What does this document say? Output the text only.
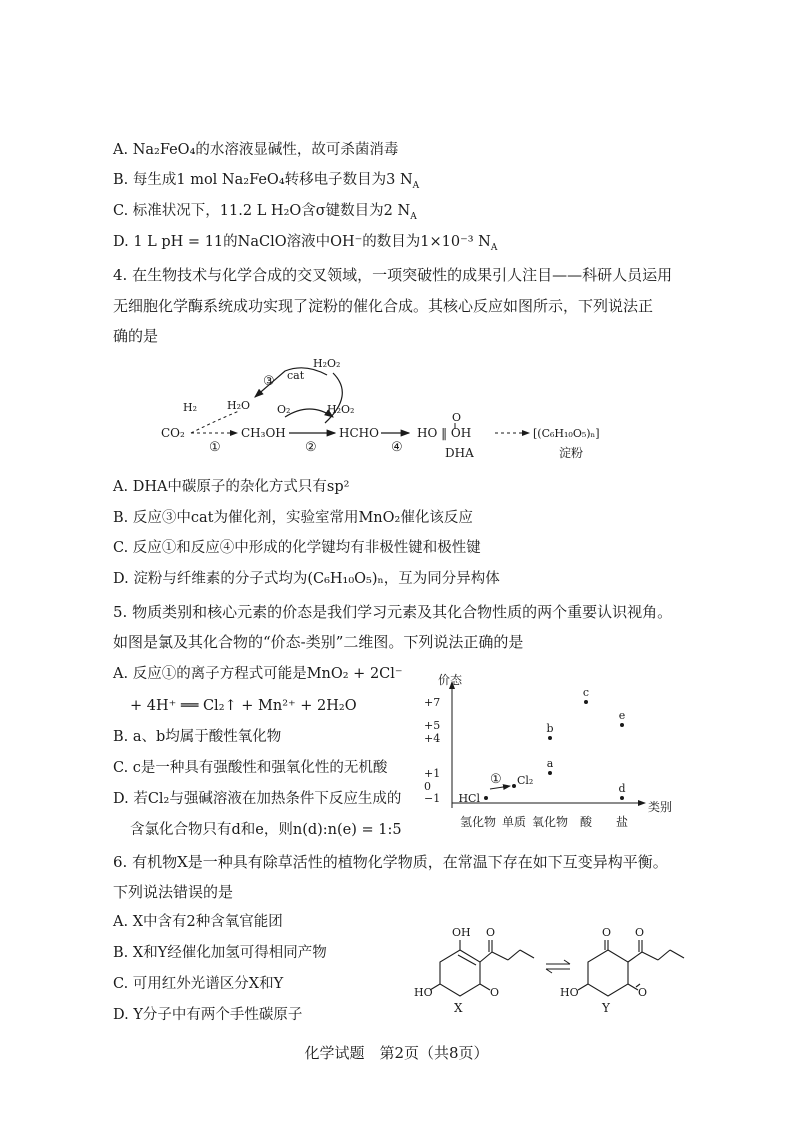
A. Na₂FeO₄的水溶液显碱性，故可杀菌消毒
B. 每生成1 mol Na₂FeO₄转移电子数目为3 $N_A$
C. 标准状况下，11.2 L H₂O含σ键数目为2 $N_A$
D. 1 L pH = 11的NaClO溶液中OH⁻的数目为1×10⁻³ $N_A$
4. 在生物技术与化学合成的交叉领域，一项突破性的成果引人注目——科研人员运用
无细胞化学酶系统成功实现了淀粉的催化合成。其核心反应如图所示，下列说法正
确的是
H₂O₂
cat
③
H₂	H₂O O₂	H₂O₂
CO₂
①
CH₃OH
②
HCHO
④
O
HO ‖ OH
DHA
[(C₆H₁₀O₅)ₙ]
淀粉
A. DHA中碳原子的杂化方式只有sp²
B. 反应③中cat为催化剂，实验室常用MnO₂催化该反应
C. 反应①和反应④中形成的化学键均有非极性键和极性键
D. 淀粉与纤维素的分子式均为(C₆H₁₀O₅)ₙ，互为同分异构体
5. 物质类别和核心元素的价态是我们学习元素及其化合物性质的两个重要认识视角。
如图是氯及其化合物的“价态-类别”二维图。下列说法正确的是
A. 反应①的离子方程式可能是MnO₂ + 2Cl⁻
+ 4H⁺ ══ Cl₂↑ + Mn²⁺ + 2H₂O
B. a、b均属于酸性氧化物
C. c是一种具有强酸性和强氧化性的无机酸
D. 若Cl₂与强碱溶液在加热条件下反应生成的
含氯化合物只有d和e，则n(d):n(e) = 1:5
价态
类别
+7
+5
+4
+1
0
−1
氢化物 单质 氧化物 酸 盐
HCl
Cl₂
a
b
c
d
e
①
6. 有机物X是一种具有除草活性的植物化学物质，在常温下存在如下互变异构平衡。
下列说法错误的是
A. X中含有2种含氧官能团
B. X和Y经催化加氢可得相同产物
C. 可用红外光谱区分X和Y
D. Y分子中有两个手性碳原子
OH O
O
HO
X
O O
O
HO
Y
化学试题　第2页（共8页）
